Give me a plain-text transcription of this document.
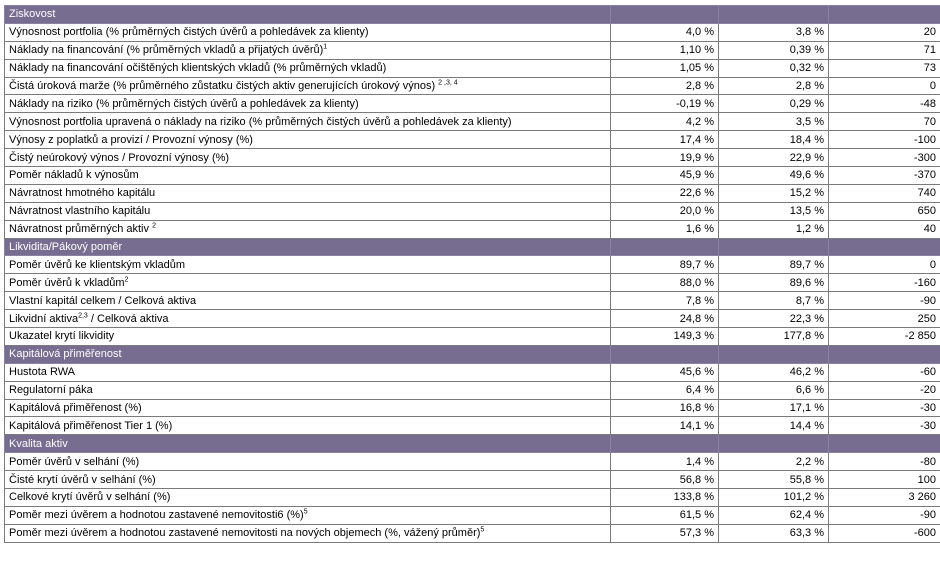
Ziskovost			
Výnosnost portfolia (% průměrných čistých úvěrů a pohledávek za klienty)	4,0 %	3,8 %	20
Náklady na financování (% průměrných vkladů a přijatých úvěrů)$^1$	1,10 %	0,39 %	71
Náklady na financování očištěných klientských vkladů (% průměrných vkladů)	1,05 %	0,32 %	73
Čistá úroková marže (% průměrného zůstatku čistých aktiv generujících úrokový výnos) $^{2 ,3, 4}$	2,8 %	2,8 %	0
Náklady na riziko (% průměrných čistých úvěrů a pohledávek za klienty)	-0,19 %	0,29 %	-48
Výnosnost portfolia upravená o náklady na riziko (% průměrných čistých úvěrů a pohledávek za klienty)	4,2 %	3,5 %	70
Výnosy z poplatků a provizí / Provozní výnosy (%)	17,4 %	18,4 %	-100
Čistý neúrokový výnos / Provozní výnosy (%)	19,9 %	22,9 %	-300
Poměr nákladů k výnosům	45,9 %	49,6 %	-370
Návratnost hmotného kapitálu	22,6 %	15,2 %	740
Návratnost vlastního kapitálu	20,0 %	13,5 %	650
Návratnost průměrných aktiv $^2$	1,6 %	1,2 %	40
Likvidita/Pákový poměr			
Poměr úvěrů ke klientským vkladům	89,7 %	89,7 %	0
Poměr úvěrů k vkladům$^2$	88,0 %	89,6 %	-160
Vlastní kapitál celkem / Celková aktiva	7,8 %	8,7 %	-90
Likvidní aktiva$^{2,3}$ / Celková aktiva	24,8 %	22,3 %	250
Ukazatel krytí likvidity	149,3 %	177,8 %	-2 850
Kapitálová přiměřenost			
Hustota RWA	45,6 %	46,2 %	-60
Regulatorní páka	6,4 %	6,6 %	-20
Kapitálová přiměřenost (%)	16,8 %	17,1 %	-30
Kapitálová přiměřenost Tier 1 (%)	14,1 %	14,4 %	-30
Kvalita aktiv			
Poměr úvěrů v selhání (%)	1,4 %	2,2 %	-80
Čisté krytí úvěrů v selhání (%)	56,8 %	55,8 %	100
Celkové krytí úvěrů v selhání (%)	133,8 %	101,2 %	3 260
Poměr mezi úvěrem a hodnotou zastavené nemovitosti6 (%)$^5$	61,5 %	62,4 %	-90
Poměr mezi úvěrem a hodnotou zastavené nemovitosti na nových objemech (%, vážený průměr)$^5$	57,3 %	63,3 %	-600
